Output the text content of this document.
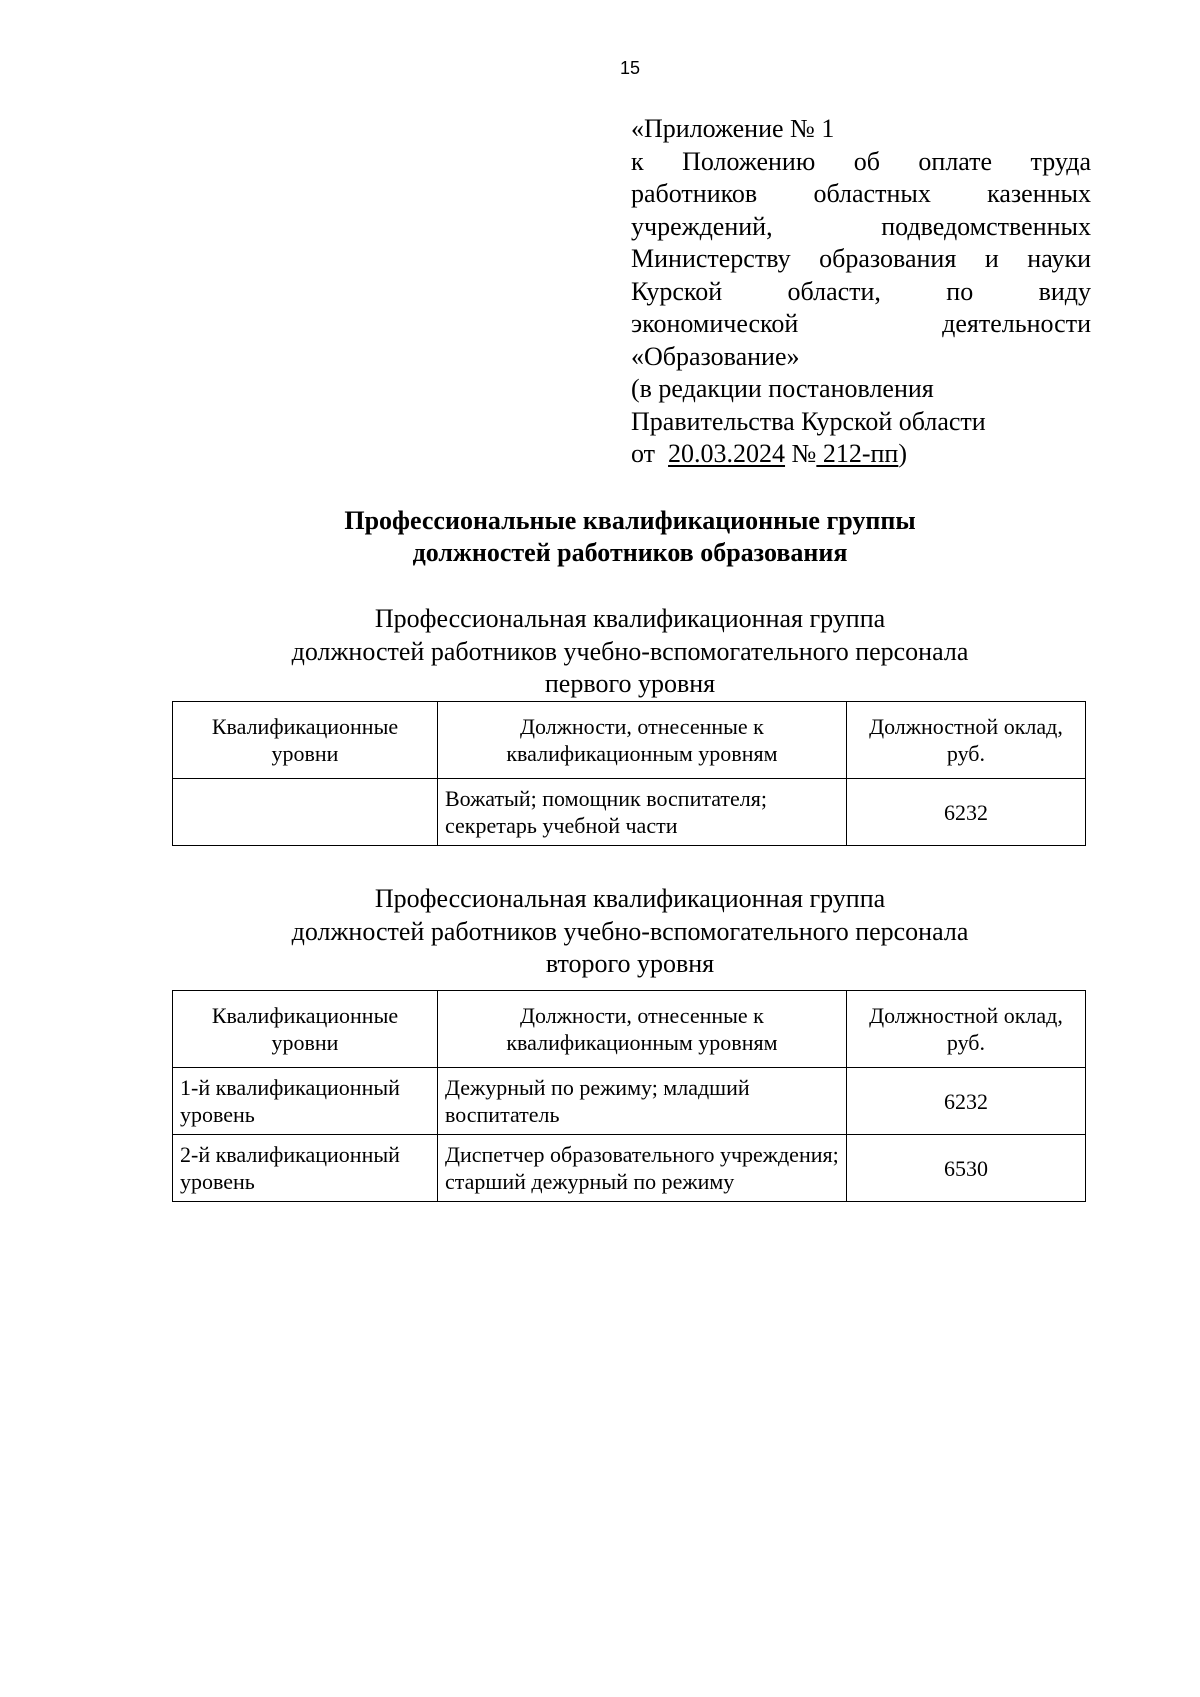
15
«Приложение № 1
к Положению об оплате труда
работников областных казенных
учреждений, подведомственных
Министерству образования и науки
Курской области, по виду
экономической деятельности
«Образование»
(в редакции постановления
Правительства Курской области
от 20.03.2024 № 212-пп)
Профессиональные квалификационные группы
должностей работников образования
Профессиональная квалификационная группа
должностей работников учебно-вспомогательного персонала
первого уровня
Квалификационные уровни	Должности, отнесенные к квалификационным уровням	Должностной оклад, руб.
	Вожатый; помощник воспитателя; секретарь учебной части	6232
Профессиональная квалификационная группа
должностей работников учебно-вспомогательного персонала
второго уровня
Квалификационные уровни	Должности, отнесенные к квалификационным уровням	Должностной оклад, руб.
1-й квалификационный уровень	Дежурный по режиму; младший воспитатель	6232
2-й квалификационный уровень	Диспетчер образовательного учреждения; старший дежурный по режиму	6530
